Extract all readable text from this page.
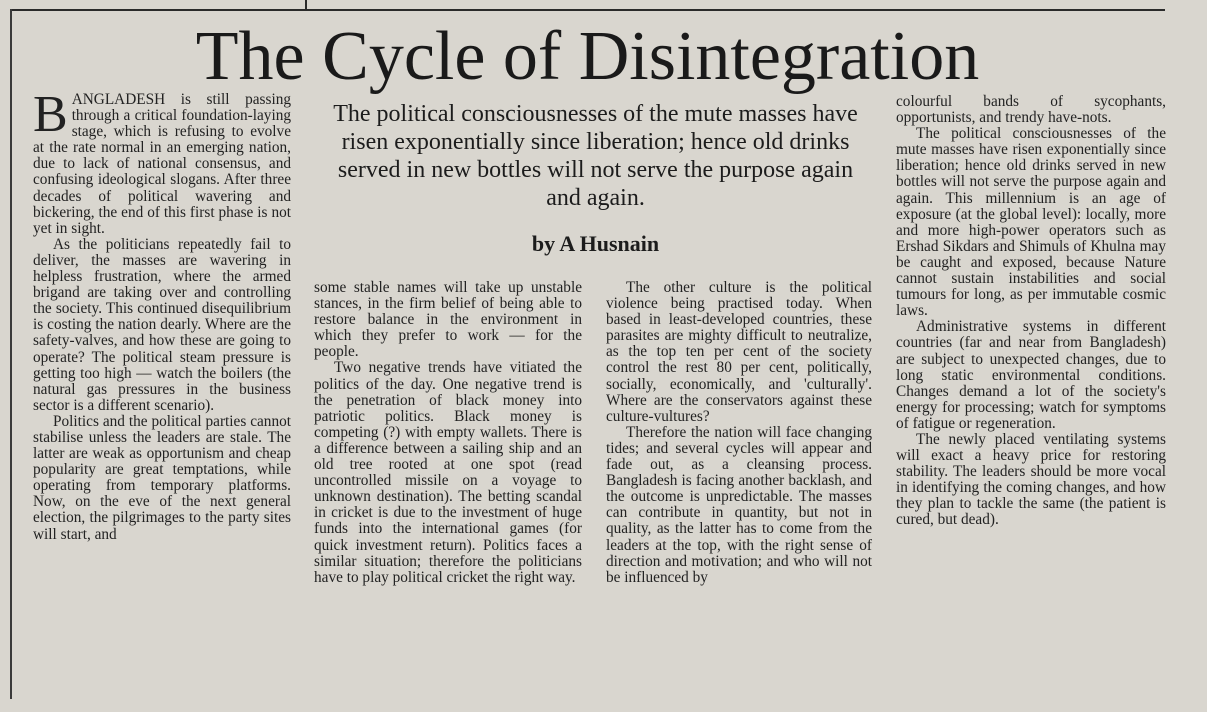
The Cycle of Disintegration
The political consciousnesses of the mute masses have risen exponentially since liberation; hence old drinks served in new bottles will not serve the purpose again and again.
by A Husnain

BANGLADESH is still passing through a critical foundation-laying stage, which is refusing to evolve at the rate normal in an emerging nation, due to lack of national consensus, and confusing ideological slogans. After three decades of political wavering and bickering, the end of this first phase is not yet in sight.

As the politicians repeatedly fail to deliver, the masses are wavering in helpless frustration, where the armed brigand are taking over and controlling the society. This continued disequilibrium is costing the nation dearly. Where are the safety-valves, and how these are going to operate? The political steam pressure is getting too high — watch the boilers (the natural gas pressures in the business sector is a different scenario).

Politics and the political parties cannot stabilise unless the leaders are stale. The latter are weak as opportunism and cheap popularity are great temptations, while operating from temporary platforms. Now, on the eve of the next general election, the pilgrimages to the party sites will start, and

some stable names will take up unstable stances, in the firm belief of being able to restore balance in the environment in which they prefer to work — for the people.

Two negative trends have vitiated the politics of the day. One negative trend is the penetration of black money into patriotic politics. Black money is competing (?) with empty wallets. There is a difference between a sailing ship and an old tree rooted at one spot (read uncontrolled missile on a voyage to unknown destination). The betting scandal in cricket is due to the investment of huge funds into the international games (for quick investment return). Politics faces a similar situation; therefore the politicians have to play political cricket the right way.

The other culture is the political violence being practised today. When based in least-developed countries, these parasites are mighty difficult to neutralize, as the top ten per cent of the society control the rest 80 per cent, politically, socially, economically, and 'culturally'. Where are the conservators against these culture-vultures?

Therefore the nation will face changing tides; and several cycles will appear and fade out, as a cleansing process. Bangladesh is facing another backlash, and the outcome is unpredictable. The masses can contribute in quantity, but not in quality, as the latter has to come from the leaders at the top, with the right sense of direction and motivation; and who will not be influenced by

colourful bands of sycophants, opportunists, and trendy have-nots.

The political consciousnesses of the mute masses have risen exponentially since liberation; hence old drinks served in new bottles will not serve the purpose again and again. This millennium is an age of exposure (at the global level): locally, more and more high-power operators such as Ershad Sikdars and Shimuls of Khulna may be caught and exposed, because Nature cannot sustain instabilities and social tumours for long, as per immutable cosmic laws.

Administrative systems in different countries (far and near from Bangladesh) are subject to unexpected changes, due to long static environmental conditions. Changes demand a lot of the society's energy for processing; watch for symptoms of fatigue or regeneration.

The newly placed ventilating systems will exact a heavy price for restoring stability. The leaders should be more vocal in identifying the coming changes, and how they plan to tackle the same (the patient is cured, but dead).
